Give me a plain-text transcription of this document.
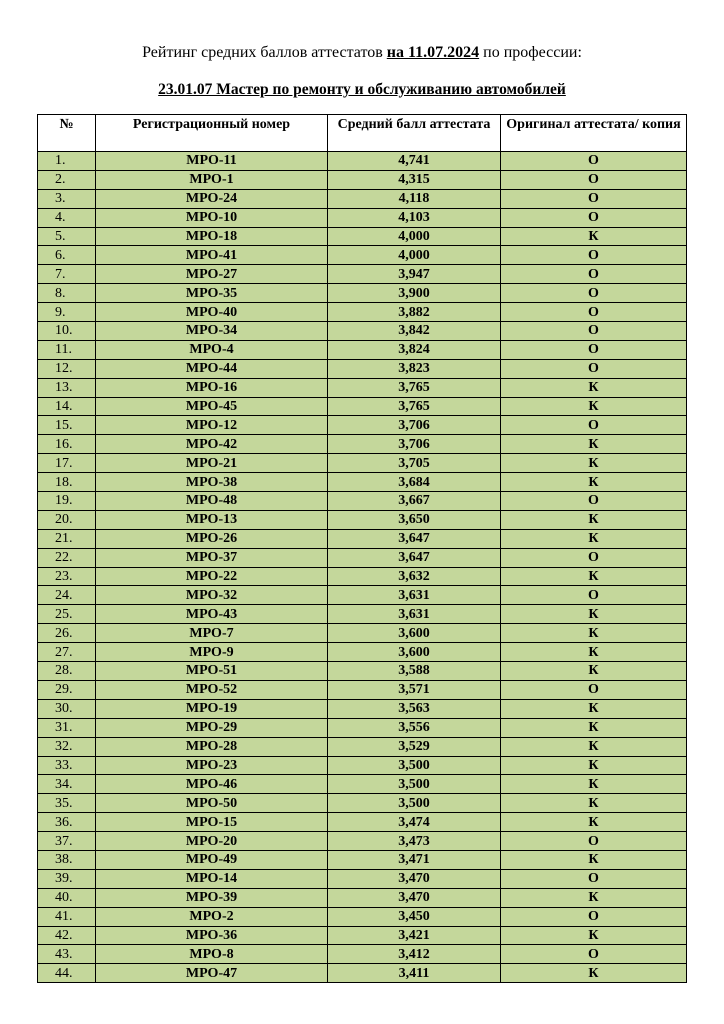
Рейтинг средних баллов аттестатов на 11.07.2024 по профессии:
23.01.07 Мастер по ремонту и обслуживанию автомобилей
№	Регистрационный номер	Средний балл аттестата	Оригинал аттестата/ копия
1.	МРО-11	4,741	О
2.	МРО-1	4,315	О
3.	МРО-24	4,118	О
4.	МРО-10	4,103	О
5.	МРО-18	4,000	К
6.	МРО-41	4,000	О
7.	МРО-27	3,947	О
8.	МРО-35	3,900	О
9.	МРО-40	3,882	О
10.	МРО-34	3,842	О
11.	МРО-4	3,824	О
12.	МРО-44	3,823	О
13.	МРО-16	3,765	К
14.	МРО-45	3,765	К
15.	МРО-12	3,706	О
16.	МРО-42	3,706	К
17.	МРО-21	3,705	К
18.	МРО-38	3,684	К
19.	МРО-48	3,667	О
20.	МРО-13	3,650	К
21.	МРО-26	3,647	К
22.	МРО-37	3,647	О
23.	МРО-22	3,632	К
24.	МРО-32	3,631	О
25.	МРО-43	3,631	К
26.	МРО-7	3,600	К
27.	МРО-9	3,600	К
28.	МРО-51	3,588	К
29.	МРО-52	3,571	О
30.	МРО-19	3,563	К
31.	МРО-29	3,556	К
32.	МРО-28	3,529	К
33.	МРО-23	3,500	К
34.	МРО-46	3,500	К
35.	МРО-50	3,500	К
36.	МРО-15	3,474	К
37.	МРО-20	3,473	О
38.	МРО-49	3,471	К
39.	МРО-14	3,470	О
40.	МРО-39	3,470	К
41.	МРО-2	3,450	О
42.	МРО-36	3,421	К
43.	МРО-8	3,412	О
44.	МРО-47	3,411	К
